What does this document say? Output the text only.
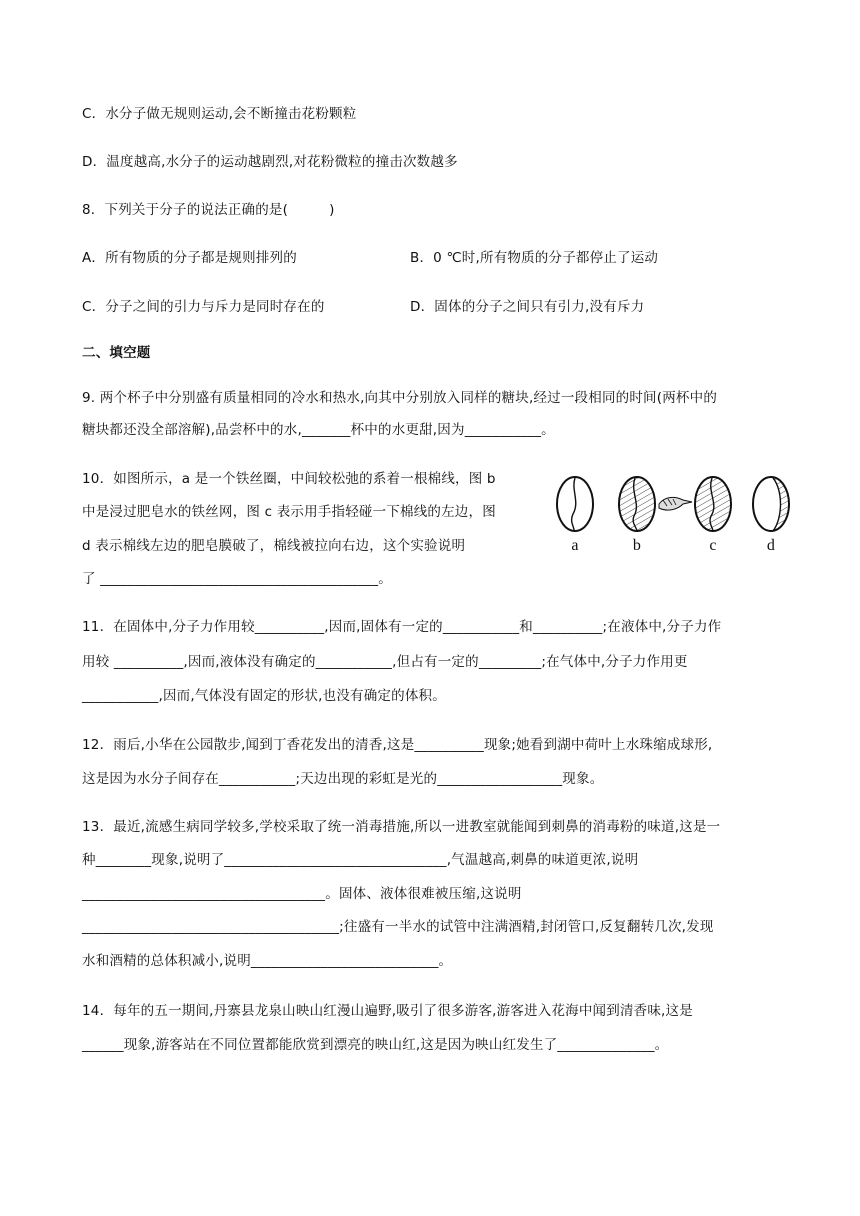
C．水分子做无规则运动,会不断撞击花粉颗粒
D．温度越高,水分子的运动越剧烈,对花粉微粒的撞击次数越多
8．下列关于分子的说法正确的是(　　　)
A．所有物质的分子都是规则排列的	B．0 ℃时,所有物质的分子都停止了运动
C．分子之间的引力与斥力是同时存在的	D．固体的分子之间只有引力,没有斥力
二、填空题
9. 两个杯子中分别盛有质量相同的冷水和热水,向其中分别放入同样的糖块,经过一段相同的时间(两杯中的
糖块都还没全部溶解),品尝杯中的水,_______杯中的水更甜,因为___________。
10．如图所示，a 是一个铁丝圈，中间较松弛的系着一根棉线，图 b
中是浸过肥皂水的铁丝网，图 c 表示用手指轻碰一下棉线的左边，图
d 表示棉线左边的肥皂膜破了，棉线被拉向右边，这个实验说明
了 ________________________________________。
a	b	c	d
11．在固体中,分子力作用较__________,因而,固体有一定的___________和__________;在液体中,分子力作
用较 __________,因而,液体没有确定的___________,但占有一定的_________;在气体中,分子力作用更
___________,因而,气体没有固定的形状,也没有确定的体积。
12．雨后,小华在公园散步,闻到丁香花发出的清香,这是__________现象;她看到湖中荷叶上水珠缩成球形,
这是因为水分子间存在___________;天边出现的彩虹是光的__________________现象。
13．最近,流感生病同学较多,学校采取了统一消毒措施,所以一进教室就能闻到刺鼻的消毒粉的味道,这是一
种________现象,说明了________________________________,气温越高,刺鼻的味道更浓,说明
___________________________________。固体、液体很难被压缩,这说明
_____________________________________;往盛有一半水的试管中注满酒精,封闭管口,反复翻转几次,发现
水和酒精的总体积减小,说明___________________________。
14．每年的五一期间,丹寨县龙泉山映山红漫山遍野,吸引了很多游客,游客进入花海中闻到清香味,这是
______现象,游客站在不同位置都能欣赏到漂亮的映山红,这是因为映山红发生了______________。
